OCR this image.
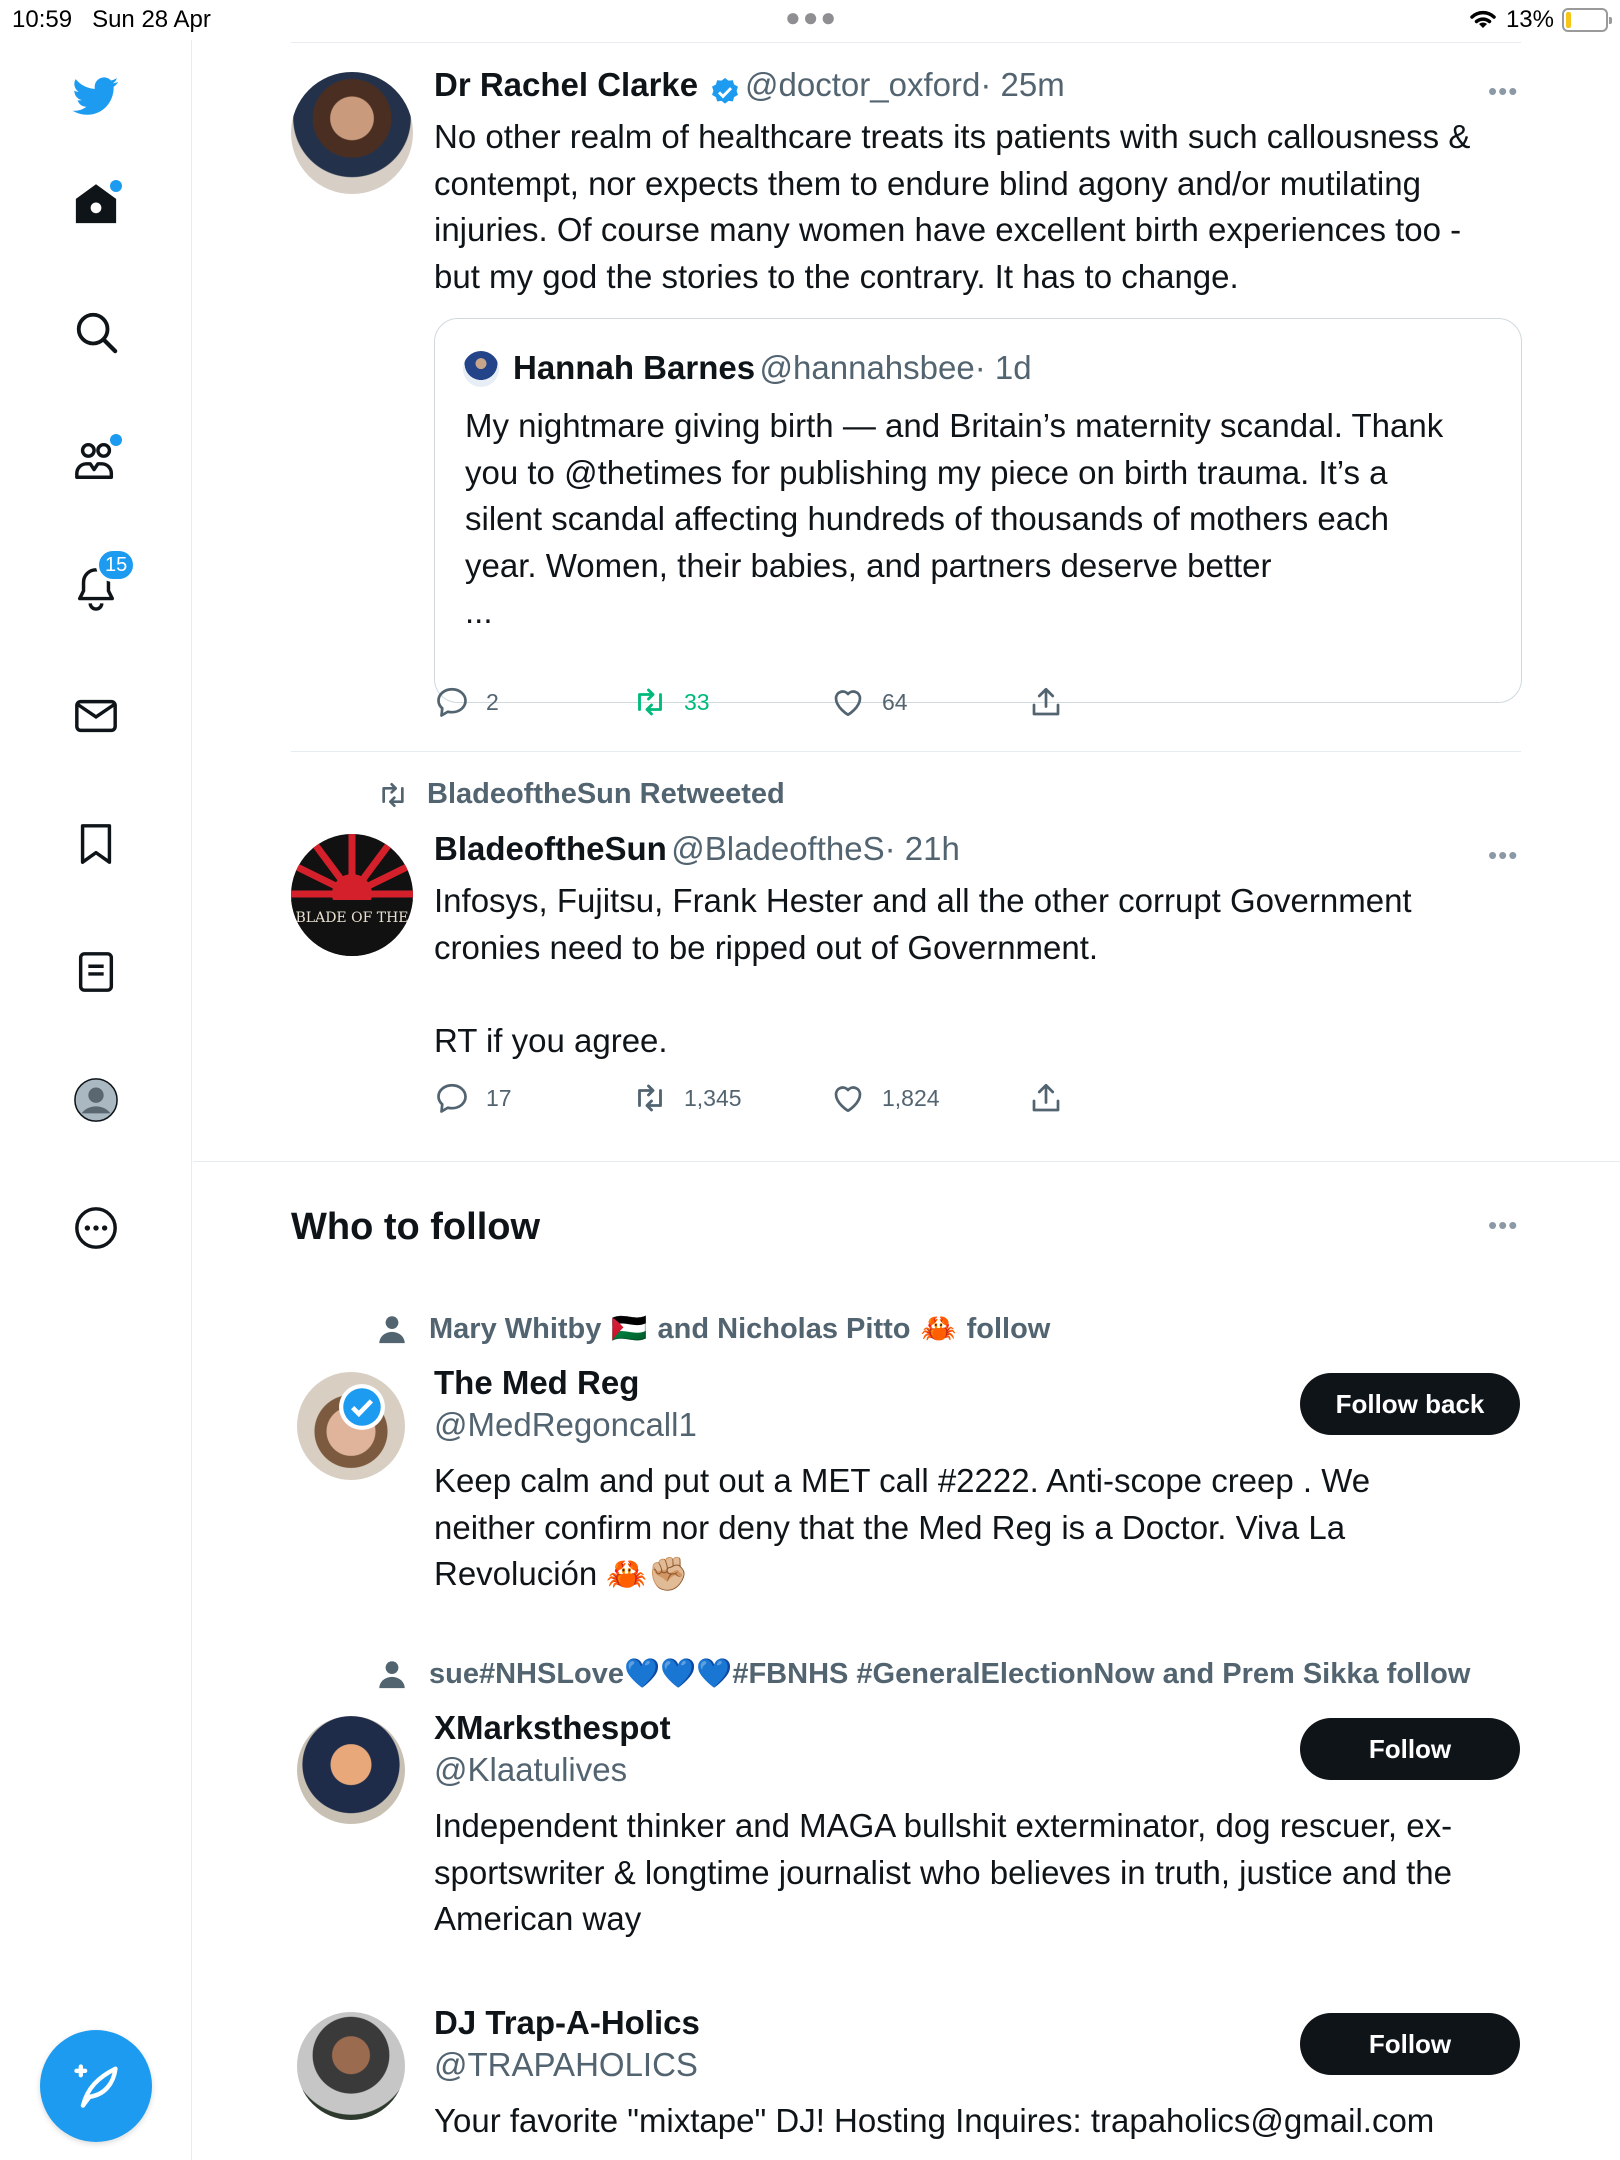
10:59 Sun 28 Apr	●●●	13%
15
Dr Rachel Clarke @doctor_oxford· 25m	•••
No other realm of healthcare treats its patients with such callousness &
contempt, nor expects them to endure blind agony and/or mutilating
injuries. Of course many women have excellent birth experiences too -
but my god the stories to the contrary. It has to change.
Hannah Barnes @hannahsbee· 1d
My nightmare giving birth — and Britain’s maternity scandal. Thank
you to @thetimes for publishing my piece on birth trauma. It’s a
silent scandal affecting hundreds of thousands of mothers each
year. Women, their babies, and partners deserve better
...
2	33	64
BladeoftheSun Retweeted
BLADE OF THE
BladeoftheSun @BladeoftheS· 21h	•••
Infosys, Fujitsu, Frank Hester and all the other corrupt Government
cronies need to be ripped out of Government.
RT if you agree.
17	1,345	1,824
Who to follow	•••
Mary Whitby 🇵🇸 and Nicholas Pitto 🦀 follow
The Med Reg
@MedRegoncall1
Follow back
Keep calm and put out a MET call #2222. Anti-scope creep . We
neither confirm nor deny that the Med Reg is a Doctor. Viva La
Revolución 🦀✊🏼
sue#NHSLove💙💙💙#FBNHS #GeneralElectionNow and Prem Sikka follow
XMarksthespot
@Klaatulives
Follow
Independent thinker and MAGA bullshit exterminator, dog rescuer, ex-
sportswriter & longtime journalist who believes in truth, justice and the
American way
DJ Trap-A-Holics
@TRAPAHOLICS
Follow
Your favorite "mixtape" DJ! Hosting Inquires: trapaholics@gmail.com
